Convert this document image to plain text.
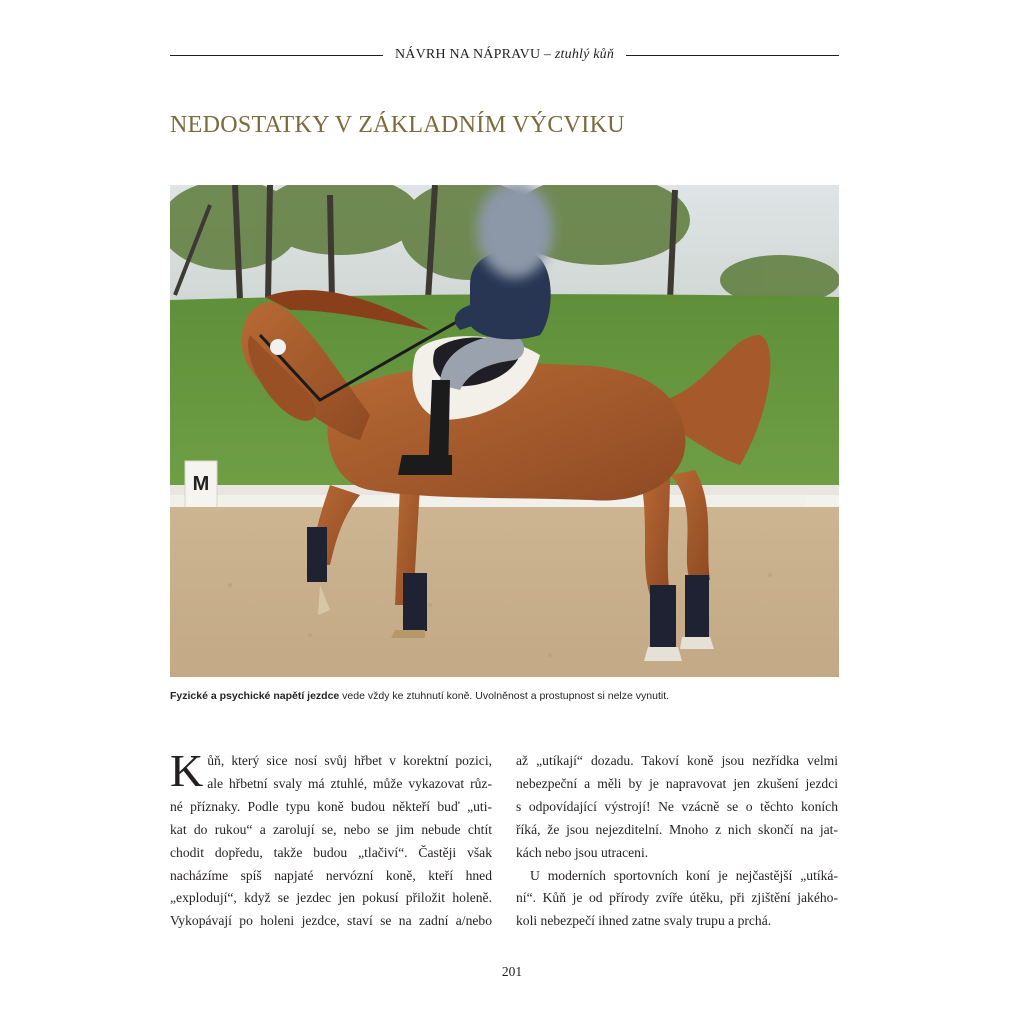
NÁVRH NA NÁPRAVU – ztuhlý kůň
NEDOSTATKY V ZÁKLADNÍM VÝCVIKU
M
Fyzické a psychické napětí jezdce vede vždy ke ztuhnutí koně. Uvolněnost a prostupnost si nelze vynutit.

K ůň, který sice nosí svůj hřbet v korektní pozici,
ale hřbetní svaly má ztuhlé, může vykazovat růz-
né příznaky. Podle typu koně budou někteří buď „uti-
kat do rukou“ a zarolují se, nebo se jim nebude chtít
chodit dopředu, takže budou „tlačiví“. Častěji však
nacházíme spíš napjaté nervózní koně, kteří hned
„explodují“, když se jezdec jen pokusí přiložit holeně.
Vykopávají po holeni jezdce, staví se na zadní a/nebo

až „utíkají“ dozadu. Takoví koně jsou nezřídka velmi
nebezpeční a měli by je napravovat jen zkušení jezdci
s odpovídající výstrojí! Ne vzácně se o těchto koních
říká, že jsou nejezditelní. Mnoho z nich skončí na jat-
kách nebo jsou utraceni.

U moderních sportovních koní je nejčastější „utíká-
ní“. Kůň je od přírody zvíře útěku, při zjištění jakého-
koli nebezpečí ihned zatne svaly trupu a prchá.

201
